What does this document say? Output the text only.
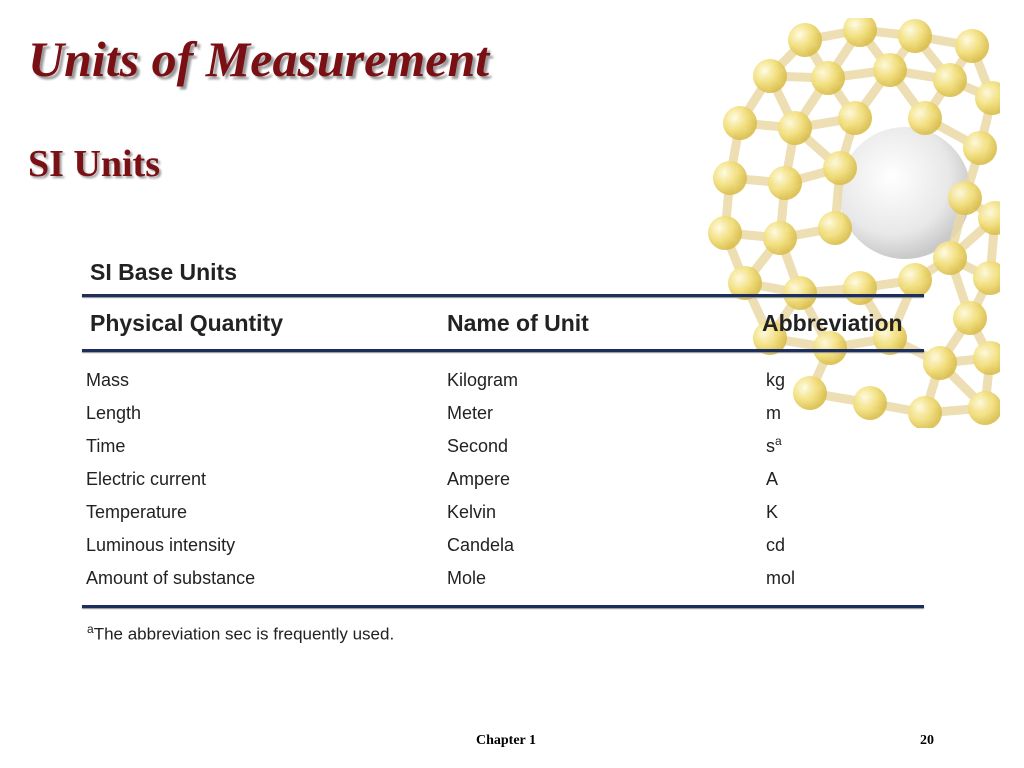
Units of Measurement
SI Units
SI Base Units
Physical Quantity	Name of Unit	Abbreviation
Mass	Kilogram	kg
Length	Meter	m
Time	Second	$s^a$
Electric current	Ampere	A
Temperature	Kelvin	K
Luminous intensity	Candela	cd
Amount of substance	Mole	mol
$^a$The abbreviation sec is frequently used.
Chapter 1	20
